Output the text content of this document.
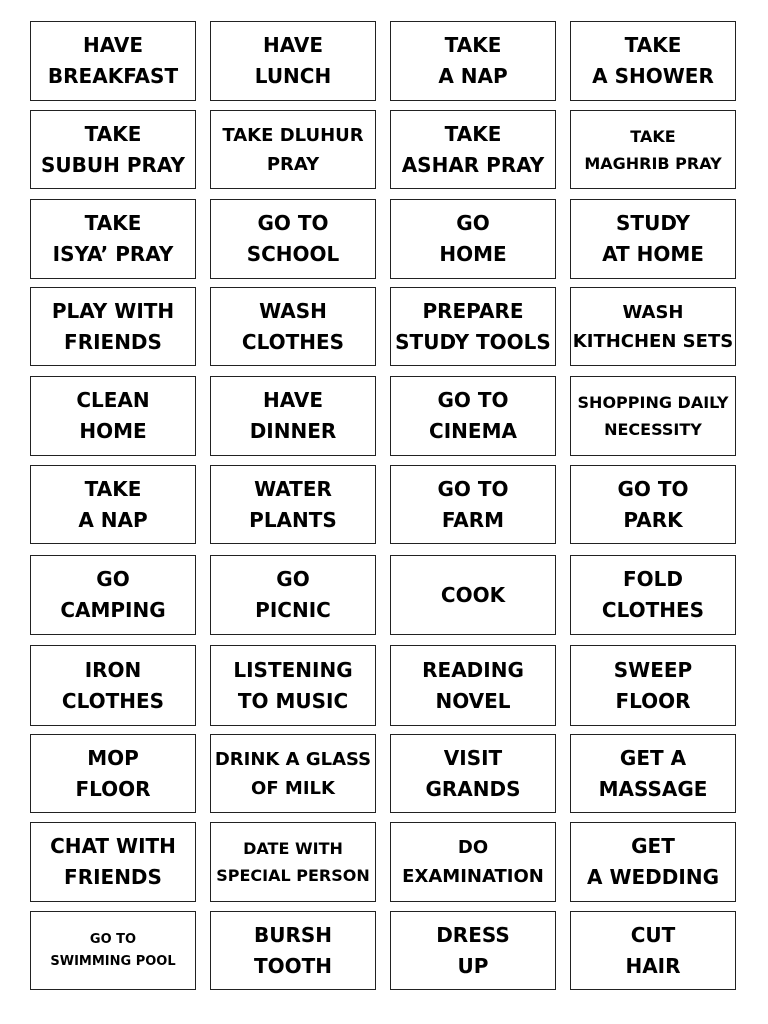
HAVE
BREAKFAST
HAVE
LUNCH
TAKE
A NAP
TAKE
A SHOWER
TAKE
SUBUH PRAY
TAKE DLUHUR
PRAY
TAKE
ASHAR PRAY
TAKE
MAGHRIB PRAY
TAKE
ISYA’ PRAY
GO TO
SCHOOL
GO
HOME
STUDY
AT HOME
PLAY WITH
FRIENDS
WASH
CLOTHES
PREPARE
STUDY TOOLS
WASH
KITHCHEN SETS
CLEAN
HOME
HAVE
DINNER
GO TO
CINEMA
SHOPPING DAILY
NECESSITY
TAKE
A NAP
WATER
PLANTS
GO TO
FARM
GO TO
PARK
GO
CAMPING
GO
PICNIC
COOK
FOLD
CLOTHES
IRON
CLOTHES
LISTENING
TO MUSIC
READING
NOVEL
SWEEP
FLOOR
MOP
FLOOR
DRINK A GLASS
OF MILK
VISIT
GRANDS
GET A
MASSAGE
CHAT WITH
FRIENDS
DATE WITH
SPECIAL PERSON
DO
EXAMINATION
GET
A WEDDING
GO TO
SWIMMING POOL
BURSH
TOOTH
DRESS
UP
CUT
HAIR
